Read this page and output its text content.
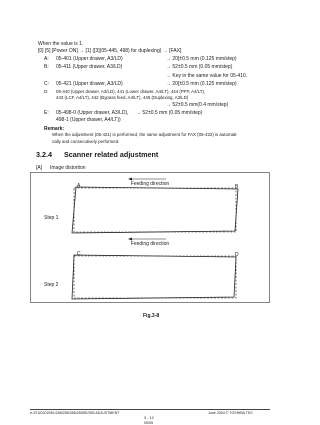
When the value is 1.
[0] [5] [Power ON] → [1] ([3](05-445, 498) for duplexing) → [FAX]
A: 05-401 (Upper drawer, A3/LD)	→ 20[±0.5 mm (0.125 mm/step)
B: 05-411 (Upper drawer, A3/LD)	→ 52±0.5 mm (0.05 mm/step)
→ Key in the same value for 05-410.
C: 05-421 (Upper drawer, A3/LD)	→ 20[±0.5 mm (0.125 mm/step)
D: 05-440 (Upper drawer, A3/LD), 441 (Lower drawer, A4/LT), 444 (PFP, A4/LT),
443 (LCF, A4/LT), 442 (Bypass feed, A4/LT), 445 (Duplexing, A3/LD)
→ 52±0.5 mm(0.4 mm/step)
E: 05-498-0 (Upper drawer, A3/LD),
498-1 (Upper drawer, A4/LT))
→ 52±0.5 mm (0.05 mm/step)
Remark:
When the adjustment (05-421) is performed, the same adjustment for FAX (05-422) is automati-
cally and consecutively performed.
3.2.4 Scanner related adjustment
[A] Image distortion
Step 1
A	B
Feeding direction
Step 2
C	D
Feeding direction
Fig.3-8
e-STUDIO205L/255/255/355/255SE/355 ADJUSTMENT	June 2004 © TOSHIBA TEC
3 - 12
05/05
